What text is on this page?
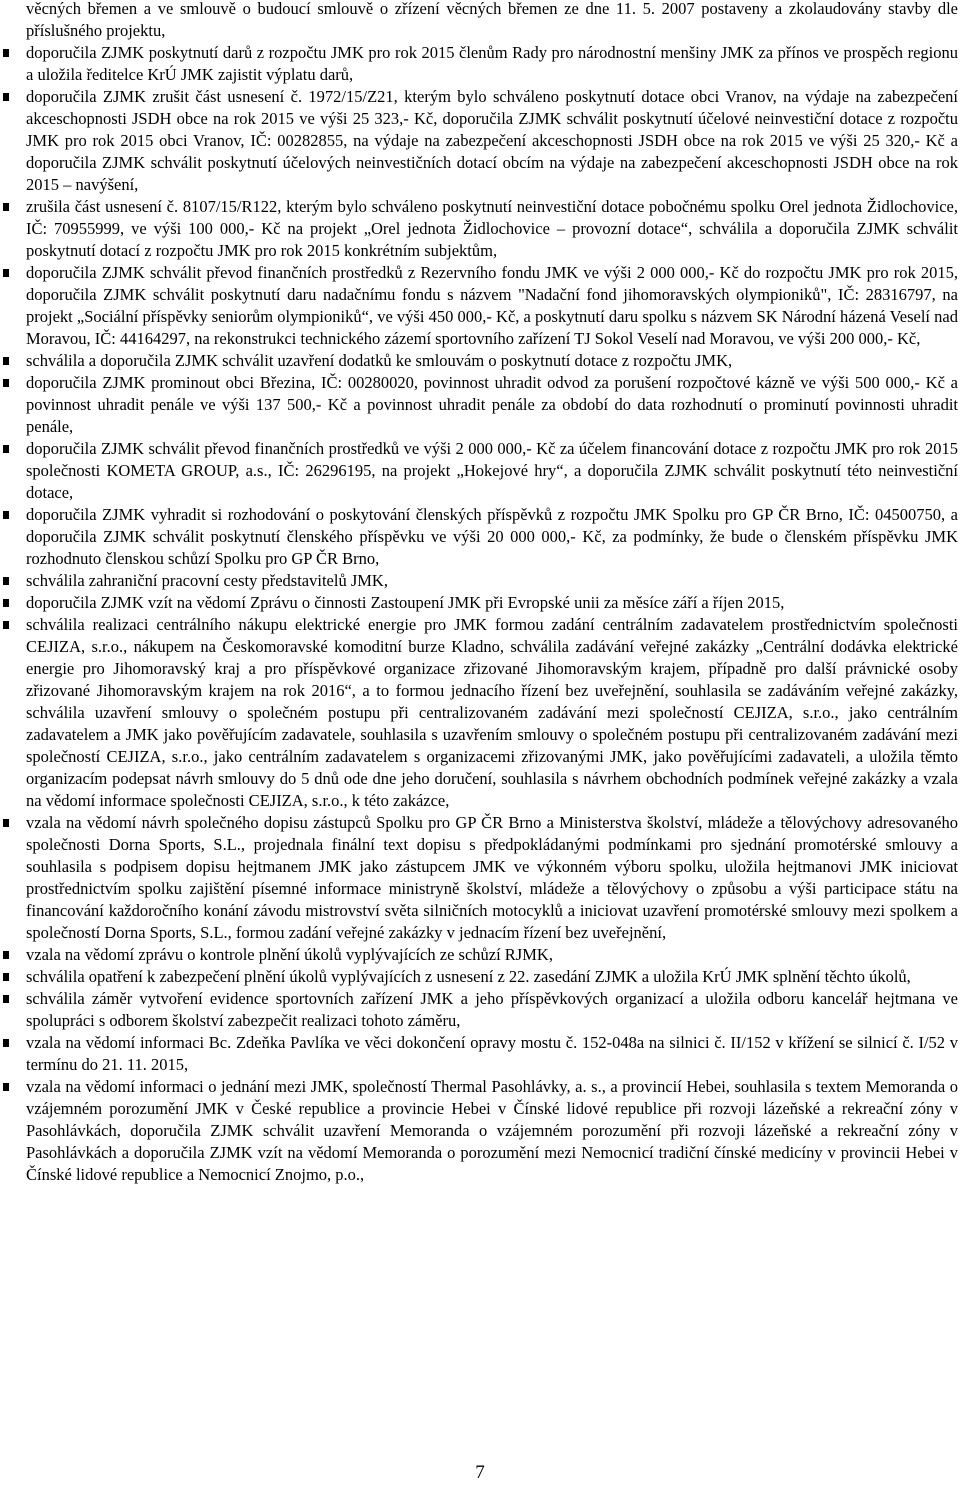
věcných břemen a ve smlouvě o budoucí smlouvě o zřízení věcných břemen ze dne 11. 5. 2007 postaveny a zkolaudovány stavby dle příslušného projektu,

doporučila ZJMK poskytnutí darů z rozpočtu JMK pro rok 2015 členům Rady pro národnostní menšiny JMK za přínos ve prospěch regionu a uložila ředitelce KrÚ JMK zajistit výplatu darů,
doporučila ZJMK zrušit část usnesení č. 1972/15/Z21, kterým bylo schváleno poskytnutí dotace obci Vranov, na výdaje na zabezpečení akceschopnosti JSDH obce na rok 2015 ve výši 25 323,- Kč, doporučila ZJMK schválit poskytnutí účelové neinvestiční dotace z rozpočtu JMK pro rok 2015 obci Vranov, IČ: 00282855, na výdaje na zabezpečení akceschopnosti JSDH obce na rok 2015 ve výši 25 320,- Kč a doporučila ZJMK schválit poskytnutí účelových neinvestičních dotací obcím na výdaje na zabezpečení akceschopnosti JSDH obce na rok 2015 – navýšení,
zrušila část usnesení č. 8107/15/R122, kterým bylo schváleno poskytnutí neinvestiční dotace pobočnému spolku Orel jednota Židlochovice, IČ: 70955999, ve výši 100 000,- Kč na projekt „Orel jednota Židlochovice – provozní dotace“, schválila a doporučila ZJMK schválit poskytnutí dotací z rozpočtu JMK pro rok 2015 konkrétním subjektům,
doporučila ZJMK schválit převod finančních prostředků z Rezervního fondu JMK ve výši 2 000 000,- Kč do rozpočtu JMK pro rok 2015, doporučila ZJMK schválit poskytnutí daru nadačnímu fondu s názvem "Nadační fond jihomoravských olympioniků", IČ: 28316797, na projekt „Sociální příspěvky seniorům olympioniků“, ve výši 450 000,- Kč, a poskytnutí daru spolku s názvem SK Národní házená Veselí nad Moravou, IČ: 44164297, na rekonstrukci technického zázemí sportovního zařízení TJ Sokol Veselí nad Moravou, ve výši 200 000,- Kč,
schválila a doporučila ZJMK schválit uzavření dodatků ke smlouvám o poskytnutí dotace z rozpočtu JMK,
doporučila ZJMK prominout obci Březina, IČ: 00280020, povinnost uhradit odvod za porušení rozpočtové kázně ve výši 500 000,- Kč a povinnost uhradit penále ve výši 137 500,- Kč a povinnost uhradit penále za období do data rozhodnutí o prominutí povinnosti uhradit penále,
doporučila ZJMK schválit převod finančních prostředků ve výši 2 000 000,- Kč za účelem financování dotace z rozpočtu JMK pro rok 2015 společnosti KOMETA GROUP, a.s., IČ: 26296195, na projekt „Hokejové hry“, a doporučila ZJMK schválit poskytnutí této neinvestiční dotace,
doporučila ZJMK vyhradit si rozhodování o poskytování členských příspěvků z rozpočtu JMK Spolku pro GP ČR Brno, IČ: 04500750, a doporučila ZJMK schválit poskytnutí členského příspěvku ve výši 20 000 000,- Kč, za podmínky, že bude o členském příspěvku JMK rozhodnuto členskou schůzí Spolku pro GP ČR Brno,
schválila zahraniční pracovní cesty představitelů JMK,
doporučila ZJMK vzít na vědomí Zprávu o činnosti Zastoupení JMK při Evropské unii za měsíce září a říjen 2015,
schválila realizaci centrálního nákupu elektrické energie pro JMK formou zadání centrálním zadavatelem prostřednictvím společnosti CEJIZA, s.r.o., nákupem na Českomoravské komoditní burze Kladno, schválila zadávání veřejné zakázky „Centrální dodávka elektrické energie pro Jihomoravský kraj a pro příspěvkové organizace zřizované Jihomoravským krajem, případně pro další právnické osoby zřizované Jihomoravským krajem na rok 2016“, a to formou jednacího řízení bez uveřejnění, souhlasila se zadáváním veřejné zakázky, schválila uzavření smlouvy o společném postupu při centralizovaném zadávání mezi společností CEJIZA, s.r.o., jako centrálním zadavatelem a JMK jako pověřujícím zadavatele, souhlasila s uzavřením smlouvy o společném postupu při centralizovaném zadávání mezi společností CEJIZA, s.r.o., jako centrálním zadavatelem s organizacemi zřizovanými JMK, jako pověřujícími zadavateli, a uložila těmto organizacím podepsat návrh smlouvy do 5 dnů ode dne jeho doručení, souhlasila s návrhem obchodních podmínek veřejné zakázky a vzala na vědomí informace společnosti CEJIZA, s.r.o., k této zakázce,
vzala na vědomí návrh společného dopisu zástupců Spolku pro GP ČR Brno a Ministerstva školství, mládeže a tělovýchovy adresovaného společnosti Dorna Sports, S.L., projednala finální text dopisu s předpokládanými podmínkami pro sjednání promotérské smlouvy a souhlasila s podpisem dopisu hejtmanem JMK jako zástupcem JMK ve výkonném výboru spolku, uložila hejtmanovi JMK iniciovat prostřednictvím spolku zajištění písemné informace ministryně školství, mládeže a tělovýchovy o způsobu a výši participace státu na financování každoročního konání závodu mistrovství světa silničních motocyklů a iniciovat uzavření promotérské smlouvy mezi spolkem a společností Dorna Sports, S.L., formou zadání veřejné zakázky v jednacím řízení bez uveřejnění,
vzala na vědomí zprávu o kontrole plnění úkolů vyplývajících ze schůzí RJMK,
schválila opatření k zabezpečení plnění úkolů vyplývajících z usnesení z 22. zasedání ZJMK a uložila KrÚ JMK splnění těchto úkolů,
schválila záměr vytvoření evidence sportovních zařízení JMK a jeho příspěvkových organizací a uložila odboru kancelář hejtmana ve spolupráci s odborem školství zabezpečit realizaci tohoto záměru,
vzala na vědomí informaci Bc. Zdeňka Pavlíka ve věci dokončení opravy mostu č. 152-048a na silnici č. II/152 v křížení se silnicí č. I/52 v termínu do 21. 11. 2015,
vzala na vědomí informaci o jednání mezi JMK, společností Thermal Pasohlávky, a. s., a provincií Hebei, souhlasila s textem Memoranda o vzájemném porozumění JMK v České republice a provincie Hebei v Čínské lidové republice při rozvoji lázeňské a rekreační zóny v Pasohlávkách, doporučila ZJMK schválit uzavření Memoranda o vzájemném porozumění při rozvoji lázeňské a rekreační zóny v Pasohlávkách a doporučila ZJMK vzít na vědomí Memoranda o porozumění mezi Nemocnicí tradiční čínské medicíny v provincii Hebei v Čínské lidové republice a Nemocnicí Znojmo, p.o.,
7
